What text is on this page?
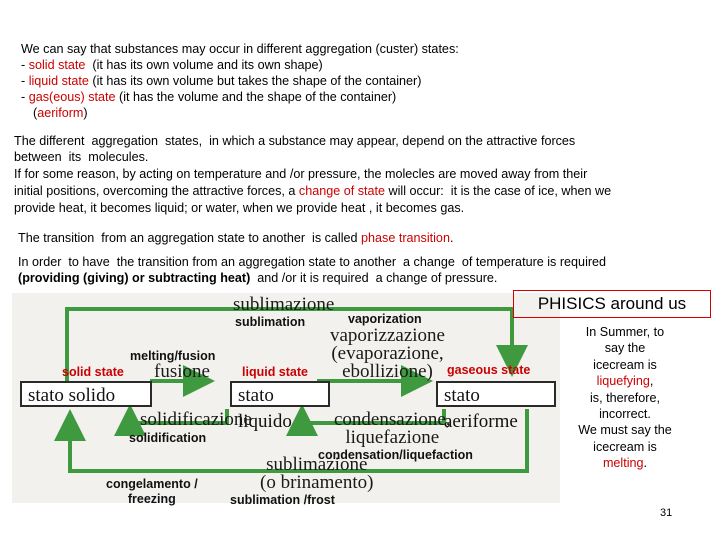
We can say that substances may occur in different aggregation (custer) states:
- solid state  (it has its own volume and its own shape)
- liquid state (it has its own volume but takes the shape of the container)
- gas(eous) state (it has the volume and the shape of the container)
(aeriform)
The different  aggregation  states,  in which a substance may appear, depend on the attractive forces
between  its  molecules.
If for some reason, by acting on temperature and /or pressure, the molecles are moved away from their
initial positions, overcoming the attractive forces, a change of state will occur:  it is the case of ice, when we
provide heat, it becomes liquid; or water, when we provide heat , it becomes gas.
The transition  from an aggregation state to another  is called phase transition.
In order  to have  the transition from an aggregation state to another  a change  of temperature is required
(providing (giving) or subtracting heat)  and /or it is required  a change of pressure.
stato solido	stato liquido
stato aeriforme
sublimazione
vaporizzazione
(evaporazione,
ebollizione)
fusione
solidificazione	condensazione,
liquefazione
sublimazione
(o brinamento)
solid state	liquid state	gaseous state
sublimation	vaporization
melting/fusion
solidification
condensation/liquefaction
congelamento /
freezing	sublimation /frost
PHISICS around us
In Summer, to
say the
icecream is
liquefying,
is, therefore,
incorrect.
We must say the
icecream is
melting.
31
